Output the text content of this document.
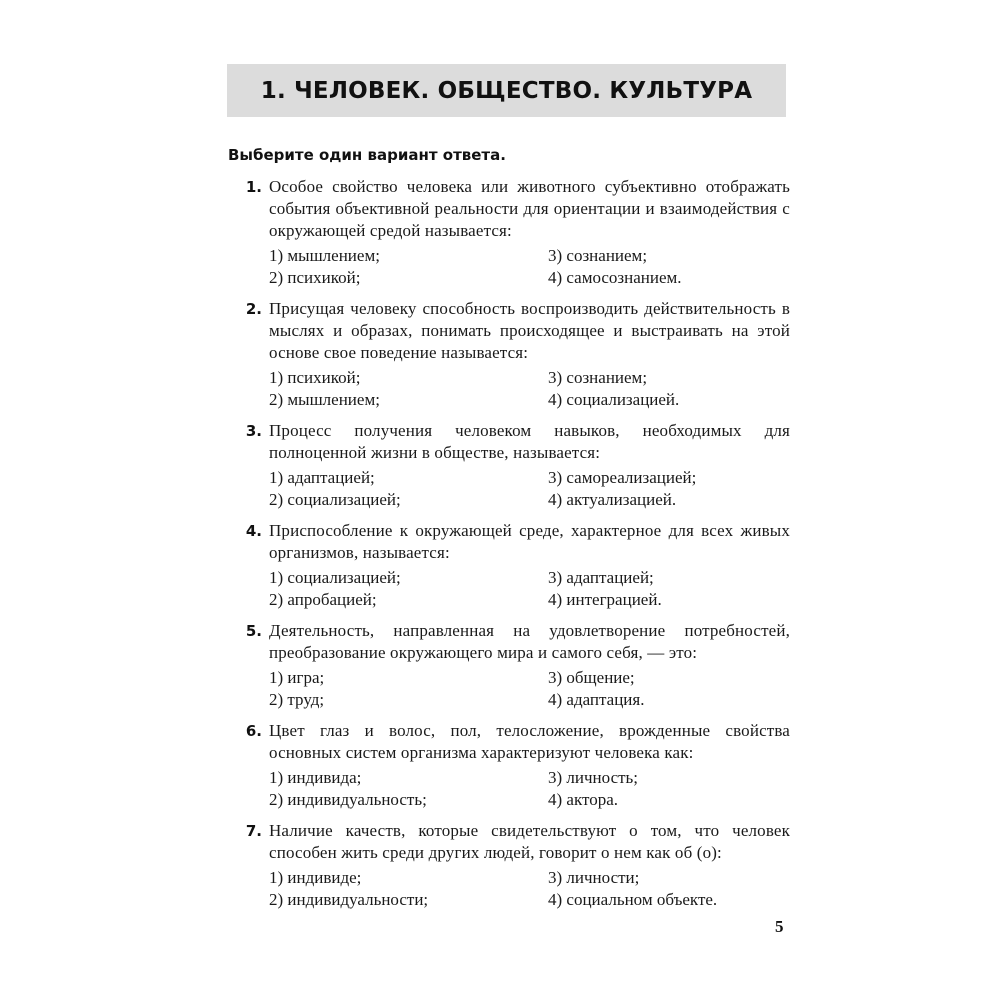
1. ЧЕЛОВЕК. ОБЩЕСТВО. КУЛЬТУРА
Выберите один вариант ответа.
1. Особое свойство человека или животного субъективно отображать события объективной реальности для ориентации и взаимодействия с окружающей средой называется:
1) мышлением;	3) сознанием;
2) психикой;	4) самосознанием.
2. Присущая человеку способность воспроизводить действительность в мыслях и образах, понимать происходящее и выстраивать на этой основе свое поведение называется:
1) психикой;	3) сознанием;
2) мышлением;	4) социализацией.
3. Процесс получения человеком навыков, необходимых для полноценной жизни в обществе, называется:
1) адаптацией;	3) самореализацией;
2) социализацией;	4) актуализацией.
4. Приспособление к окружающей среде, характерное для всех живых организмов, называется:
1) социализацией;	3) адаптацией;
2) апробацией;	4) интеграцией.
5. Деятельность, направленная на удовлетворение потребностей, преобразование окружающего мира и самого себя, — это:
1) игра;	3) общение;
2) труд;	4) адаптация.
6. Цвет глаз и волос, пол, телосложение, врожденные свойства основных систем организма характеризуют человека как:
1) индивида;	3) личность;
2) индивидуальность;	4) актора.
7. Наличие качеств, которые свидетельствуют о том, что человек способен жить среди других людей, говорит о нем как об (о):
1) индивиде;	3) личности;
2) индивидуальности;	4) социальном объекте.
5
